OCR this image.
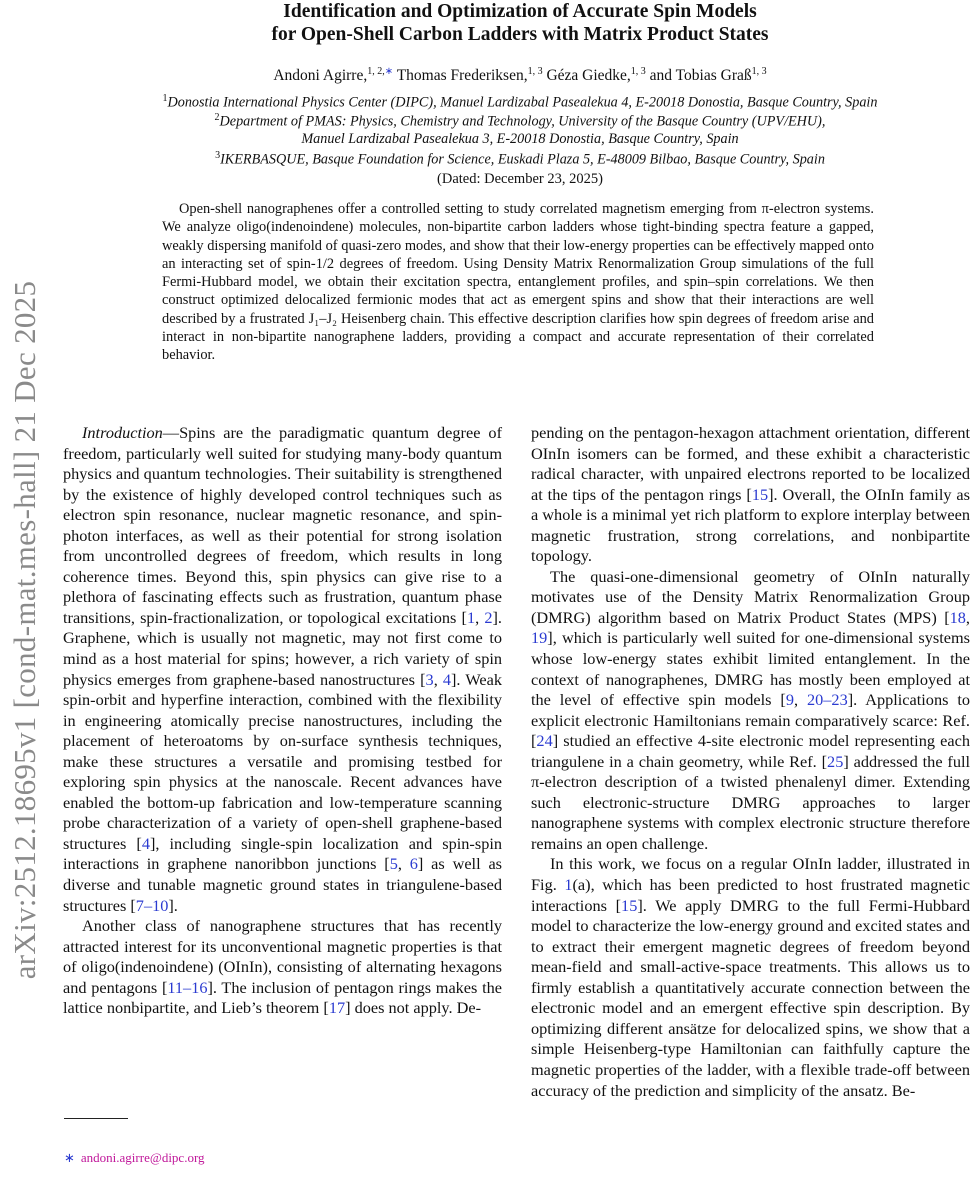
arXiv:2512.18695v1 [cond-mat.mes-hall] 21 Dec 2025
Identification and Optimization of Accurate Spin Models
for Open-Shell Carbon Ladders with Matrix Product States
Andoni Agirre,$^{1, 2,∗}$ Thomas Frederiksen,$^{1, 3}$ Géza Giedke,$^{1, 3}$ and Tobias Graß$^{1, 3}$
$^1$Donostia International Physics Center (DIPC), Manuel Lardizabal Pasealekua 4, E-20018 Donostia, Basque Country, Spain
$^2$Department of PMAS: Physics, Chemistry and Technology, University of the Basque Country (UPV/EHU),
Manuel Lardizabal Pasealekua 3, E-20018 Donostia, Basque Country, Spain
$^3$IKERBASQUE, Basque Foundation for Science, Euskadi Plaza 5, E-48009 Bilbao, Basque Country, Spain
(Dated: December 23, 2025)

Open-shell nanographenes offer a controlled setting to study correlated magnetism emerging from π-electron systems. We analyze oligo(indenoindene) molecules, non-bipartite carbon ladders whose tight-binding spectra feature a gapped, weakly dispersing manifold of quasi-zero modes, and show that their low-energy properties can be effectively mapped onto an interacting set of spin-1/2 degrees of freedom. Using Density Matrix Renormalization Group simulations of the full Fermi-Hubbard model, we obtain their excitation spectra, entanglement profiles, and spin–spin correlations. We then construct optimized delocalized fermionic modes that act as emergent spins and show that their interactions are well described by a frustrated J₁–J₂ Heisenberg chain. This effective description clarifies how spin degrees of freedom arise and interact in non-bipartite nanographene ladders, providing a compact and accurate representation of their correlated behavior.

Introduction—Spins are the paradigmatic quantum degree of freedom, particularly well suited for studying many-body quantum physics and quantum technologies. Their suitability is strengthened by the existence of highly developed control techniques such as electron spin resonance, nuclear magnetic resonance, and spin-photon interfaces, as well as their potential for strong isolation from uncontrolled degrees of freedom, which results in long coherence times. Beyond this, spin physics can give rise to a plethora of fascinating effects such as frustration, quantum phase transitions, spin-fractionalization, or topological excitations [1, 2]. Graphene, which is usually not magnetic, may not first come to mind as a host material for spins; however, a rich variety of spin physics emerges from graphene-based nanostructures [3, 4]. Weak spin-orbit and hyperfine interaction, combined with the flexibility in engineering atomically precise nanostructures, including the placement of heteroatoms by on-surface synthesis techniques, make these structures a versatile and promising testbed for exploring spin physics at the nanoscale. Recent advances have enabled the bottom-up fabrication and low-temperature scanning probe characterization of a variety of open-shell graphene-based structures [4], including single-spin localization and spin-spin interactions in graphene nanoribbon junctions [5, 6] as well as diverse and tunable magnetic ground states in triangulene-based structures [7–10].

Another class of nanographene structures that has recently attracted interest for its unconventional magnetic properties is that of oligo(indenoindene) (OInIn), consisting of alternating hexagons and pentagons [11–16]. The inclusion of pentagon rings makes the lattice nonbipartite, and Lieb’s theorem [17] does not apply. De-

pending on the pentagon-hexagon attachment orientation, different OInIn isomers can be formed, and these exhibit a characteristic radical character, with unpaired electrons reported to be localized at the tips of the pentagon rings [15]. Overall, the OInIn family as a whole is a minimal yet rich platform to explore interplay between magnetic frustration, strong correlations, and nonbipartite topology.

The quasi-one-dimensional geometry of OInIn naturally motivates use of the Density Matrix Renormalization Group (DMRG) algorithm based on Matrix Product States (MPS) [18, 19], which is particularly well suited for one-dimensional systems whose low-energy states exhibit limited entanglement. In the context of nanographenes, DMRG has mostly been employed at the level of effective spin models [9, 20–23]. Applications to explicit electronic Hamiltonians remain comparatively scarce: Ref. [24] studied an effective 4-site electronic model representing each triangulene in a chain geometry, while Ref. [25] addressed the full π-electron description of a twisted phenalenyl dimer. Extending such electronic-structure DMRG approaches to larger nanographene systems with complex electronic structure therefore remains an open challenge.

In this work, we focus on a regular OInIn ladder, illustrated in Fig. 1(a), which has been predicted to host frustrated magnetic interactions [15]. We apply DMRG to the full Fermi-Hubbard model to characterize the low-energy ground and excited states and to extract their emergent magnetic degrees of freedom beyond mean-field and small-active-space treatments. This allows us to firmly establish a quantitatively accurate connection between the electronic model and an emergent effective spin description. By optimizing different ansätze for delocalized spins, we show that a simple Heisenberg-type Hamiltonian can faithfully capture the magnetic properties of the ladder, with a flexible trade-off between accuracy of the prediction and simplicity of the ansatz. Be-

∗ andoni.agirre@dipc.org
